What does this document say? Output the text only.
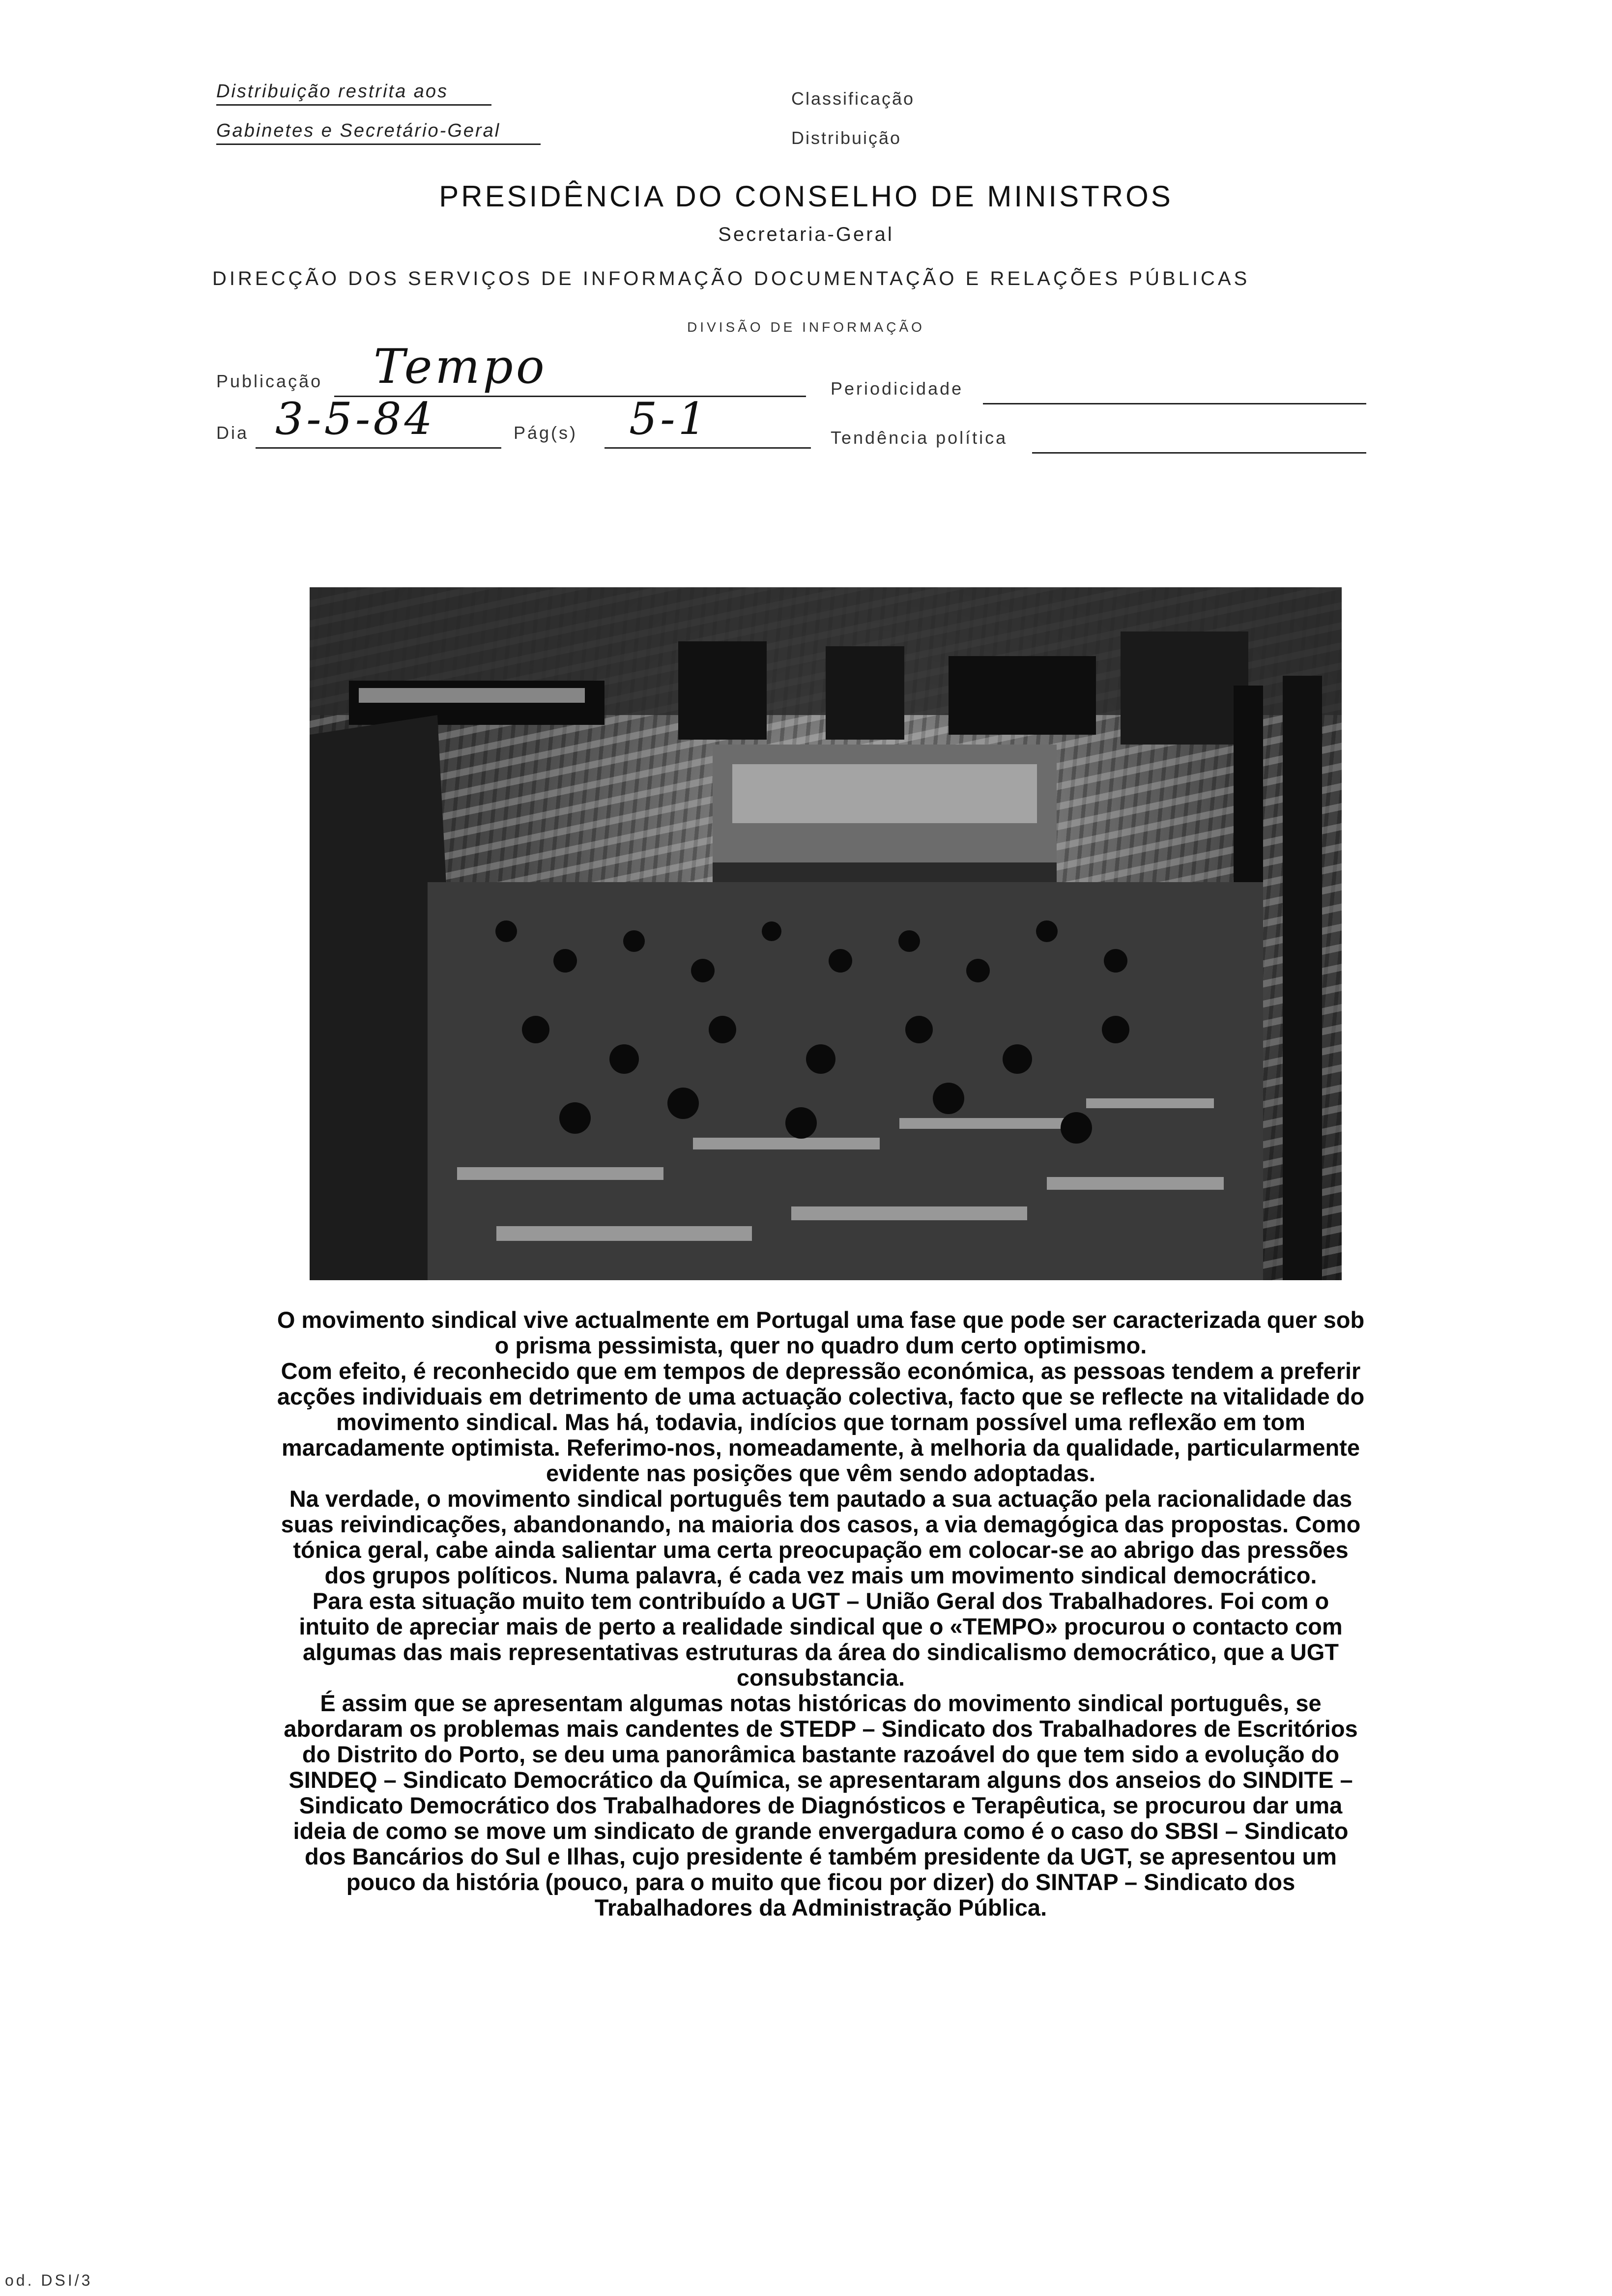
Distribuição restrita aos
Gabinetes e Secretário-Geral
Classificação
Distribuição
PRESIDÊNCIA DO CONSELHO DE MINISTROS
Secretaria-Geral
DIRECÇÃO DOS SERVIÇOS DE INFORMAÇÃO DOCUMENTAÇÃO E RELAÇÕES PÚBLICAS
DIVISÃO DE INFORMAÇÃO
Publicação Tempo	Periodicidade
Dia 3-5-84	Pág(s) 5-1	Tendência política

O movimento sindical vive actualmente em Portugal uma fase que pode ser caracterizada quer sob o prisma pessimista, quer no quadro dum certo optimismo.

Com efeito, é reconhecido que em tempos de depressão económica, as pessoas tendem a preferir acções individuais em detrimento de uma actuação colectiva, facto que se reflecte na vitalidade do movimento sindical. Mas há, todavia, indícios que tornam possível uma reflexão em tom marcadamente optimista. Referimo-nos, nomeadamente, à melhoria da qualidade, particularmente evidente nas posições que vêm sendo adoptadas.

Na verdade, o movimento sindical português tem pautado a sua actuação pela racionalidade das suas reivindicações, abandonando, na maioria dos casos, a via demagógica das propostas. Como tónica geral, cabe ainda salientar uma certa preocupação em colocar-se ao abrigo das pressões dos grupos políticos. Numa palavra, é cada vez mais um movimento sindical democrático.

Para esta situação muito tem contribuído a UGT – União Geral dos Trabalhadores. Foi com o intuito de apreciar mais de perto a realidade sindical que o «TEMPO» procurou o contacto com algumas das mais representativas estruturas da área do sindicalismo democrático, que a UGT consubstancia.

É assim que se apresentam algumas notas históricas do movimento sindical português, se abordaram os problemas mais candentes de STEDP – Sindicato dos Trabalhadores de Escritórios do Distrito do Porto, se deu uma panorâmica bastante razoável do que tem sido a evolução do SINDEQ – Sindicato Democrático da Química, se apresentaram alguns dos anseios do SINDITE – Sindicato Democrático dos Trabalhadores de Diagnósticos e Terapêutica, se procurou dar uma ideia de como se move um sindicato de grande envergadura como é o caso do SBSI – Sindicato dos Bancários do Sul e Ilhas, cujo presidente é também presidente da UGT, se apresentou um pouco da história (pouco, para o muito que ficou por dizer) do SINTAP – Sindicato dos Trabalhadores da Administração Pública.

od. DSI/3
